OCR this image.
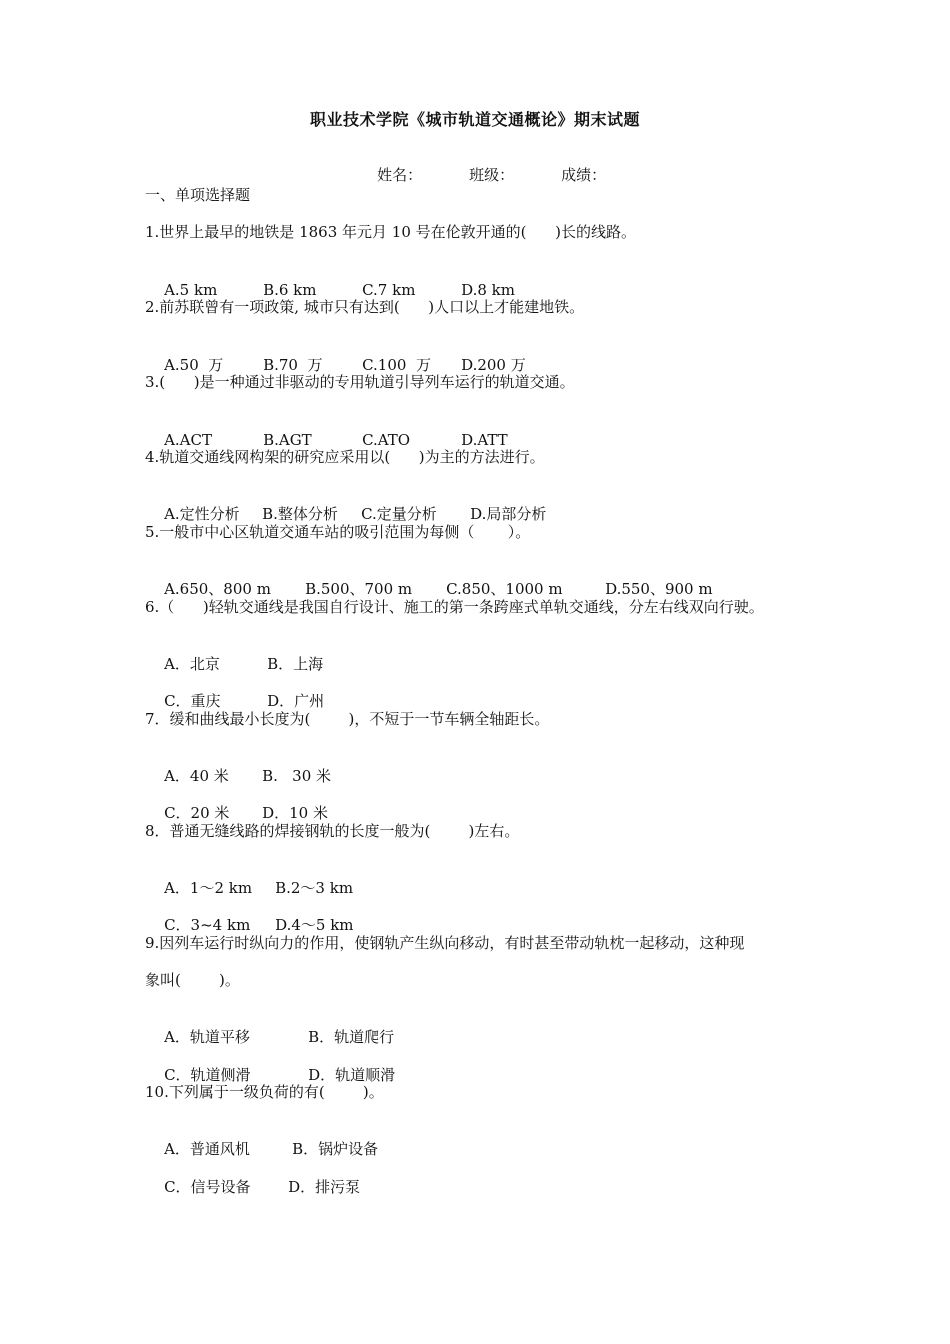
职业技术学院《城市轨道交通概论》期末试题

姓名：	班级：	成绩：

一、单项选择题
1.世界上最早的地铁是 1863 年元月 10 号在伦敦开通的(      )长的线路。

A.5 km	B.6 km	C.7 km	D.8 km

2.前苏联曾有一项政策, 城市只有达到(      )人口以上才能建地铁。

A.50  万	B.70  万	C.100  万 D.200 万

3.(      )是一种通过非驱动的专用轨道引导列车运行的轨道交通。

A.ACT	B.AGT	C.ATO	D.ATT

4.轨道交通线网构架的研究应采用以(      )为主的方法进行。

A.定性分析 B.整体分析 C.定量分析 D.局部分析

5.一般市中心区轨道交通车站的吸引范围为每侧（       ）。

A.650、800 m B.500、700 m C.850、1000 m	D.550、900 m

6.（      )轻轨交通线是我国自行设计、施工的第一条跨座式单轨交通线，分左右线双向行驶。

A．北京	B．上海

C．重庆	D．广州

7．缓和曲线最小长度为(        )，不短于一节车辆全轴距长。

A．40 米 B.   30 米

C．20 米 D．10 米

8．普通无缝线路的焊接钢轨的长度一般为(        )左右。

A．1～2 km B.2～3 km

C．3~4 km D.4～5 km

9.因列车运行时纵向力的作用，使钢轨产生纵向移动，有时甚至带动轨枕一起移动，这种现
象叫(        )。

A．轨道平移	B．轨道爬行

C．轨道侧滑	D．轨道顺滑

10.下列属于一级负荷的有(        )。

A．普通风机	B．锅炉设备

C．信号设备	D．排污泵
